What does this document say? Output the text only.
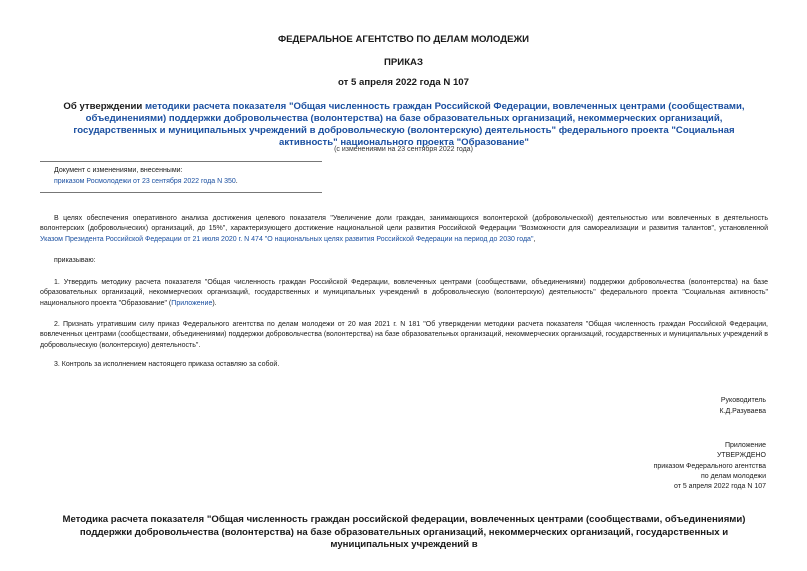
ФЕДЕРАЛЬНОЕ АГЕНТСТВО ПО ДЕЛАМ МОЛОДЕЖИ
ПРИКАЗ
от 5 апреля 2022 года N 107
Об утверждении методики расчета показателя "Общая численность граждан Российской Федерации, вовлеченных центрами (сообществами, объединениями) поддержки добровольчества (волонтерства) на базе образовательных организаций, некоммерческих организаций, государственных и муниципальных учреждений в добровольческую (волонтерскую) деятельность" федерального проекта "Социальная активность" национального проекта "Образование"
(с изменениями на 23 сентября 2022 года)
Документ с изменениями, внесенными:
приказом Росмолодежи от 23 сентября 2022 года N 350.
В целях обеспечения оперативного анализа достижения целевого показателя "Увеличение доли граждан, занимающихся волонтерской (добровольческой) деятельностью или вовлеченных в деятельность волонтерских (добровольческих) организаций, до 15%", характеризующего достижение национальной цели развития Российской Федерации "Возможности для самореализации и развития талантов", установленной Указом Президента Российской Федерации от 21 июля 2020 г. N 474 "О национальных целях развития Российской Федерации на период до 2030 года",
приказываю:
1. Утвердить методику расчета показателя "Общая численность граждан Российской Федерации, вовлеченных центрами (сообществами, объединениями) поддержки добровольчества (волонтерства) на базе образовательных организаций, некоммерческих организаций, государственных и муниципальных учреждений в добровольческую (волонтерскую) деятельность" федерального проекта "Социальная активность" национального проекта "Образование" (Приложение).
2. Признать утратившим силу приказ Федерального агентства по делам молодежи от 20 мая 2021 г. N 181 "Об утверждении методики расчета показателя "Общая численность граждан Российской Федерации, вовлеченных центрами (сообществами, объединениями) поддержки добровольчества (волонтерства) на базе образовательных организаций, некоммерческих организаций, государственных и муниципальных учреждений в добровольческую (волонтерскую) деятельность".
3. Контроль за исполнением настоящего приказа оставляю за собой.
Руководитель
К.Д.Разуваева
Приложение
УТВЕРЖДЕНО
приказом Федерального агентства
по делам молодежи
от 5 апреля 2022 года N 107
Методика расчета показателя "Общая численность граждан российской федерации, вовлеченных центрами (сообществами, объединениями) поддержки добровольчества (волонтерства) на базе образовательных организаций, некоммерческих организаций, государственных и муниципальных учреждений в
